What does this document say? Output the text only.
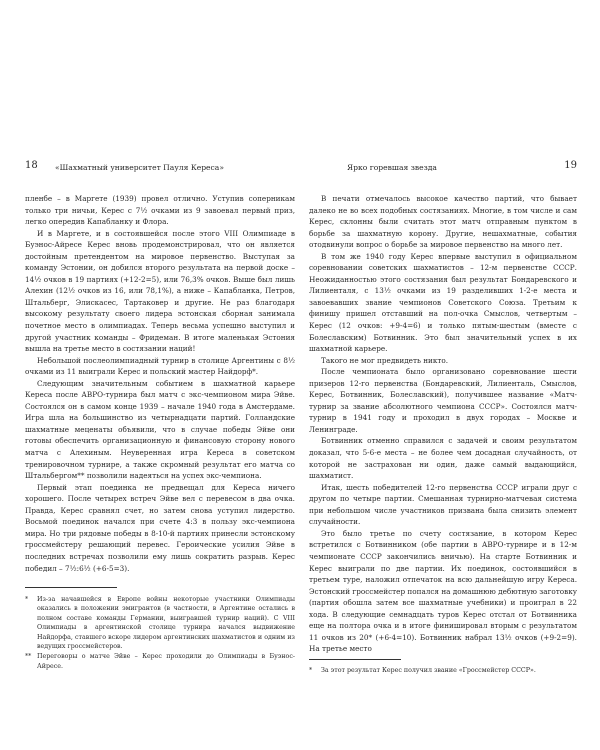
18 «Шахматный университет Пауля Кереса»

пленбе – в Маргете (1939) провел отлично. Уступив соперникам только три ничьи, Керес с 7½ очками из 9 завоевал первый приз, легко опередив Капабланку и Флора.

И в Маргете, и в состоявшейся после этого VIII Олимпиаде в Буэнос-Айресе Керес вновь продемонстрировал, что он является достойным претендентом на мировое первенство. Выступая за команду Эстонии, он добился второго результата на первой доске – 14½ очков в 19 партиях (+12-2=5), или 76,3% очков. Выше был лишь Алехин (12½ очков из 16, или 78,1%), а ниже – Капабланка, Петров, Штальберг, Элискасес, Тартаковер и другие. Не раз благодаря высокому результату своего лидера эстонская сборная занимала почетное место в олимпиадах. Теперь весьма успешно выступил и другой участник команды – Фридеман. В итоге маленькая Эстония вышла на третье место в состязании наций!

Небольшой послеолимпиадный турнир в столице Аргентины с 8½ очками из 11 выиграли Керес и польский мастер Найдорф*.

Следующим значительным событием в шахматной карьере Кереса после АВРО-турнира был матч с экс-чемпионом мира Эйве. Состоялся он в самом конце 1939 – начале 1940 года в Амстердаме. Игра шла на большинство из четырнадцати партий. Голландские шахматные меценаты объявили, что в случае победы Эйве они готовы обеспечить организационную и финансовую сторону нового матча с Алехиным. Неуверенная игра Кереса в советском тренировочном турнире, а также скромный результат его матча со Штальбергом** позволили надеяться на успех экс-чемпиона.

Первый этап поединка не предвещал для Кереса ничего хорошего. После четырех встреч Эйве вел с перевесом в два очка. Правда, Керес сравнял счет, но затем снова уступил лидерство. Восьмой поединок начался при счете 4:3 в пользу экс-чемпиона мира. Но три рядовые победы в 8-10-й партиях принесли эстонскому гроссмейстеру решающий перевес. Героические усилия Эйве в последних встречах позволили ему лишь сократить разрыв. Керес победил – 7½:6½ (+6-5=3).

* Из-за начавшейся в Европе войны некоторые участники Олимпиады оказались в положении эмигрантов (в частности, в Аргентине остались в полном составе команды Германии, выигравшей турнир наций). С VIII Олимпиады в аргентинской столице турнира начался выдвижение Найдорфа, ставшего вскоре лидером аргентинских шахматистов и одним из ведущих гроссмейстеров.
** Переговоры о матче Эйве – Керес проходили до Олимпиады в Буэнос-Айресе.
Ярко горевшая звезда	19

В печати отмечалось высокое качество партий, что бывает далеко не во всех подобных состязаниях. Многие, в том числе и сам Керес, склонны были считать этот матч отправным пунктом в борьбе за шахматную корону. Другие, нешахматные, события отодвинули вопрос о борьбе за мировое первенство на много лет.

В том же 1940 году Керес впервые выступил в официальном соревновании советских шахматистов – 12-м первенстве СССР. Неожиданностью этого состязания был результат Бондаревского и Лилиенталя, с 13½ очками из 19 разделивших 1-2-е места и завоевавших звание чемпионов Советского Союза. Третьим к финишу пришел отставший на пол-очка Смыслов, четвертым – Керес (12 очков: +9-4=6) и только пятым-шестым (вместе с Болеславским) Ботвинник. Это был значительный успех в их шахматной карьере.

Такого не мог предвидеть никто.

После чемпионата было организовано соревнование шести призеров 12-го первенства (Бондаревский, Лилиенталь, Смыслов, Керес, Ботвинник, Болеславский), получившее название «Матч-турнир за звание абсолютного чемпиона СССР». Состоялся матч-турнир в 1941 году и проходил в двух городах – Москве и Ленинграде.

Ботвинник отменно справился с задачей и своим результатом доказал, что 5-6-е места – не более чем досадная случайность, от которой не застрахован ни один, даже самый выдающийся, шахматист.

Итак, шесть победителей 12-го первенства СССР играли друг с другом по четыре партии. Смешанная турнирно-матчевая система при небольшом числе участников призвана была снизить элемент случайности.

Это было третье по счету состязание, в котором Керес встретился с Ботвинником (обе партии в АВРО-турнире и в 12-м чемпионате СССР закончились вничью). На старте Ботвинник и Керес выиграли по две партии. Их поединок, состоявшийся в третьем туре, наложил отпечаток на всю дальнейшую игру Кереса. Эстонский гроссмейстер попался на домашнюю дебютную заготовку (партия обошла затем все шахматные учебники) и проиграл в 22 хода. В следующие семнадцать туров Керес отстал от Ботвинника еще на полтора очка и в итоге финишировал вторым с результатом 11 очков из 20* (+6-4=10). Ботвинник набрал 13½ очков (+9-2=9). На третье место

* За этот результат Керес получил звание «Гроссмейстер СССР».
